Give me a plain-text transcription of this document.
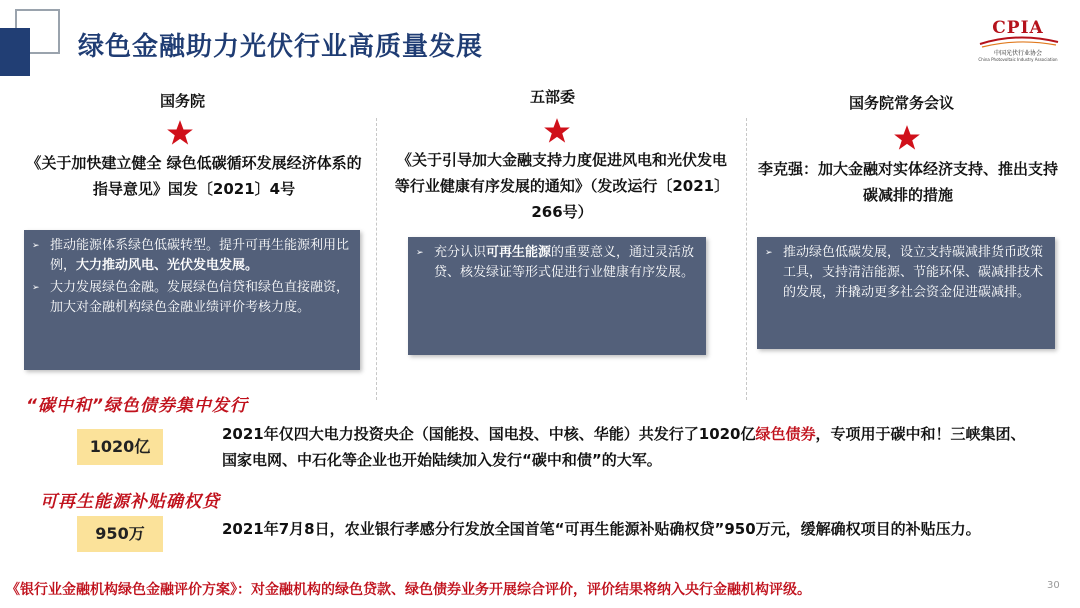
绿色金融助力光伏行业高质量发展
CPIA
中国光伏行业协会
China Photovoltaic Industry Association
国务院
《关于加快建立健全 绿色低碳循环发展经济体系的指导意见》国发〔2021〕4号
➢ 推动能源体系绿色低碳转型。提升可再生能源利用比例，大力推动风电、光伏发电发展。
➢ 大力发展绿色金融。发展绿色信贷和绿色直接融资，加大对金融机构绿色金融业绩评价考核力度。
五部委
《关于引导加大金融支持力度促进风电和光伏发电等行业健康有序发展的通知》（发改运行〔2021〕266号）
➢ 充分认识可再生能源的重要意义，通过灵活放贷、核发绿证等形式促进行业健康有序发展。
国务院常务会议
李克强：加大金融对实体经济支持、推出支持碳减排的措施
➢ 推动绿色低碳发展，设立支持碳减排货币政策工具，支持清洁能源、节能环保、碳减排技术的发展，并撬动更多社会资金促进碳减排。
“碳中和”绿色债券集中发行
1020亿
2021年仅四大电力投资央企（国能投、国电投、中核、华能）共发行了1020亿绿色债券，专项用于碳中和！三峡集团、国家电网、中石化等企业也开始陆续加入发行“碳中和债”的大军。
可再生能源补贴确权贷
950万	2021年7月8日，农业银行孝感分行发放全国首笔“可再生能源补贴确权贷”950万元，缓解确权项目的补贴压力。
《银行业金融机构绿色金融评价方案》：对金融机构的绿色贷款、绿色债券业务开展综合评价，评价结果将纳入央行金融机构评级。	30
